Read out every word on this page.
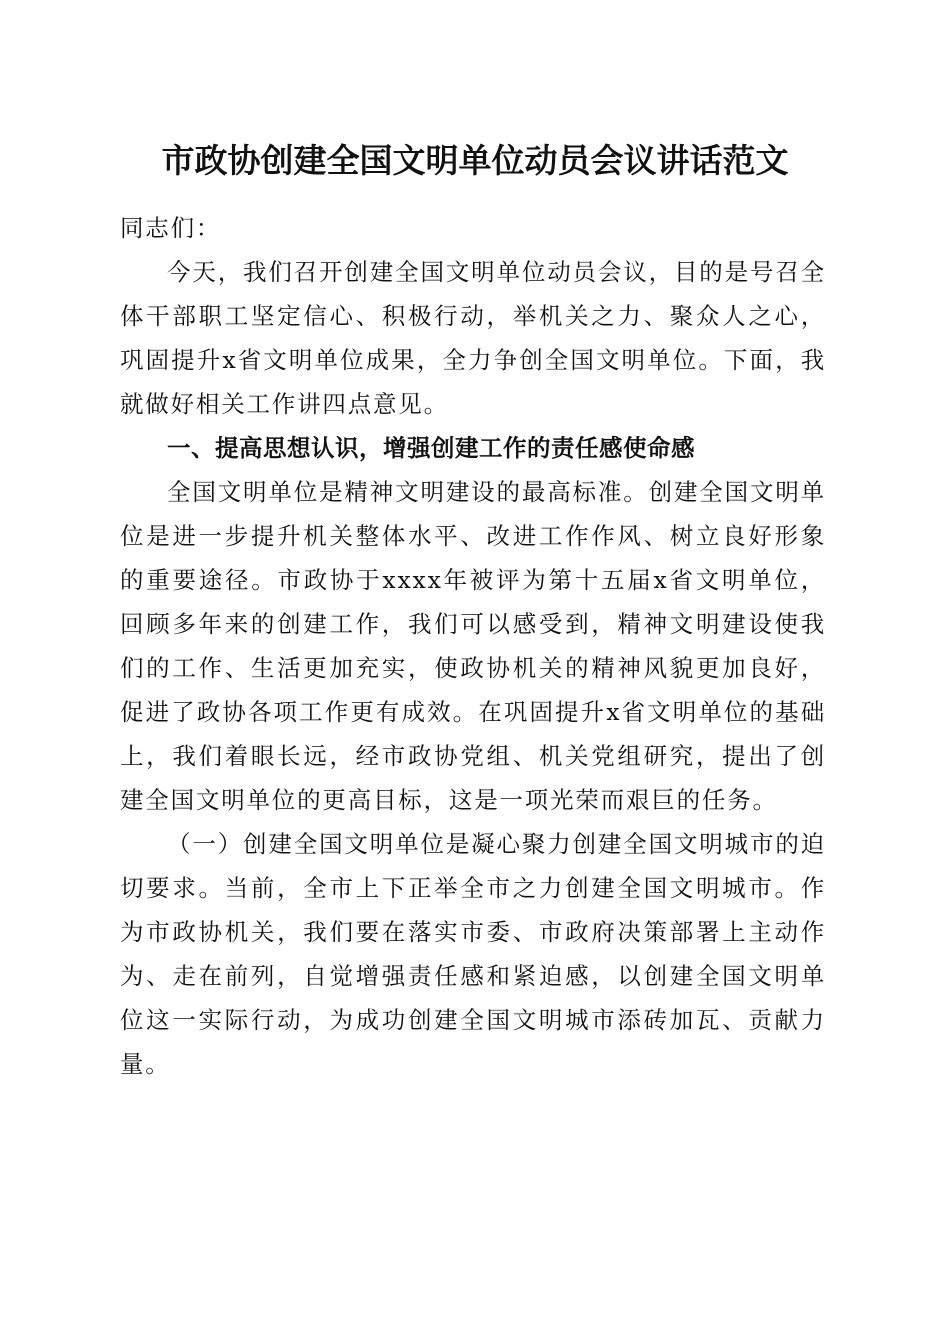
市政协创建全国文明单位动员会议讲话范文

同志们：

今天，我们召开创建全国文明单位动员会议，目的是号召全体干部职工坚定信心、积极行动，举机关之力、聚众人之心，巩固提升x省文明单位成果，全力争创全国文明单位。下面，我就做好相关工作讲四点意见。

一、提高思想认识，增强创建工作的责任感使命感

全国文明单位是精神文明建设的最高标准。创建全国文明单位是进一步提升机关整体水平、改进工作作风、树立良好形象的重要途径。市政协于xxxx年被评为第十五届x省文明单位，回顾多年来的创建工作，我们可以感受到，精神文明建设使我们的工作、生活更加充实，使政协机关的精神风貌更加良好，促进了政协各项工作更有成效。在巩固提升x省文明单位的基础上，我们着眼长远，经市政协党组、机关党组研究，提出了创建全国文明单位的更高目标，这是一项光荣而艰巨的任务。

（一）创建全国文明单位是凝心聚力创建全国文明城市的迫切要求。当前，全市上下正举全市之力创建全国文明城市。作为市政协机关，我们要在落实市委、市政府决策部署上主动作为、走在前列，自觉增强责任感和紧迫感，以创建全国文明单位这一实际行动，为成功创建全国文明城市添砖加瓦、贡献力量。
